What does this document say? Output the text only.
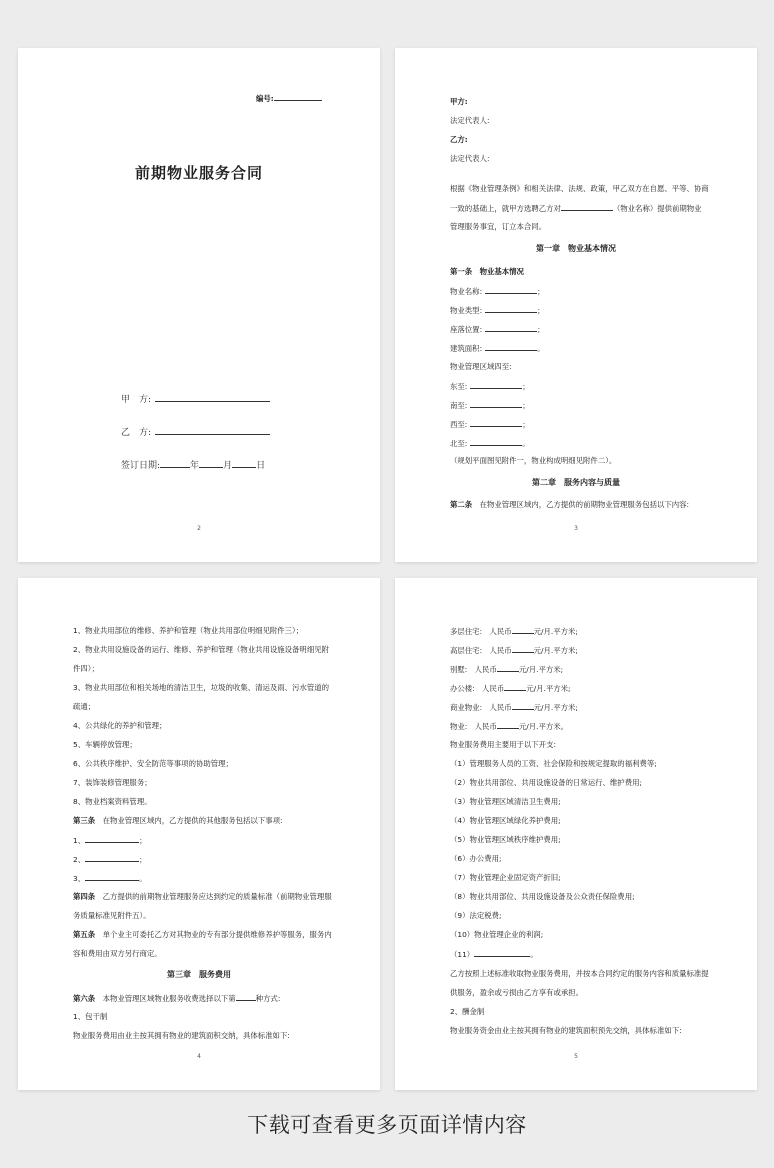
编号:
前期物业服务合同
甲　方:
乙　方:
签订日期:	年	月	日
2
甲方:
法定代表人:
乙方:
法定代表人:
根据《物业管理条例》和相关法律、法规、政策，甲乙双方在自愿、平等、协商
一致的基础上，就甲方选聘乙方对	（物业名称）提供前期物业
管理服务事宜，订立本合同。
第一章　物业基本情况
第一条　物业基本情况
物业名称:	；
物业类型:	；
座落位置:	；
建筑面积:	。
物业管理区域四至:
东至:	；
南至:	；
西至:	；
北至:	。
（规划平面图见附件一，物业构成明细见附件二）。
第二章　服务内容与质量
第二条　 在物业管理区域内，乙方提供的前期物业管理服务包括以下内容:
3
1、物业共用部位的维修、养护和管理（物业共用部位明细见附件三）；
2、物业共用设施设备的运行、维修、养护和管理（物业共用设施设备明细见附
件四）；
3、物业共用部位和相关场地的清洁卫生，垃圾的收集、清运及雨、污水管道的
疏通；
4、公共绿化的养护和管理；
5、车辆停放管理；
6、公共秩序维护、安全防范等事项的协助管理；
7、装饰装修管理服务；
8、物业档案资料管理。
第三条　 在物业管理区域内，乙方提供的其他服务包括以下事项:
1、	；
2、	；
3、	。
第四条　 乙方提供的前期物业管理服务应达到约定的质量标准（前期物业管理服
务质量标准见附件五）。
第五条　 单个业主可委托乙方对其物业的专有部分提供维修养护等服务，服务内
容和费用由双方另行商定。
第三章　服务费用
第六条　 本物业管理区域物业服务收费选择以下第	种方式:
1、包干制
物业服务费用由业主按其拥有物业的建筑面积交纳，具体标准如下:
4
多层住宅:　人民币	元/月.平方米;
高层住宅:　人民币	元/月.平方米;
别墅:　人民币	元/月.平方米;
办公楼:　人民币	元/月.平方米;
商业物业:　人民币	元/月.平方米;
物业:　人民币	元/月.平方米。
物业服务费用主要用于以下开支:
（1）管理服务人员的工资、社会保险和按规定提取的福利费等;
（2）物业共用部位、共用设施设备的日常运行、维护费用;
（3）物业管理区域清洁卫生费用;
（4）物业管理区域绿化养护费用;
（5）物业管理区域秩序维护费用;
（6）办公费用;
（7）物业管理企业固定资产折旧;
（8）物业共用部位、共用设施设备及公众责任保险费用;
（9）法定税费;
（10）物业管理企业的利润;
（11）	。
乙方按照上述标准收取物业服务费用，并按本合同约定的服务内容和质量标准提
供服务，盈余或亏损由乙方享有或承担。
2、酬金制
物业服务资金由业主按其拥有物业的建筑面积预先交纳，具体标准如下:
5
下载可查看更多页面详情内容
